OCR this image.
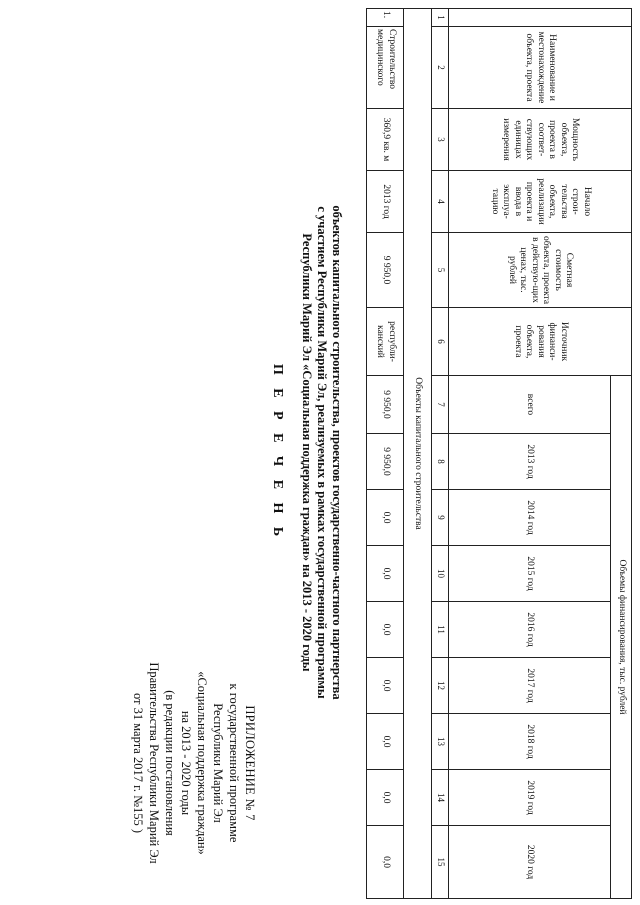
ПРИЛОЖЕНИЕ № 7
к государственной программе
Республики Марий Эл
«Социальная поддержка граждан»
на 2013 - 2020 годы
(в редакции постановления
Правительства Республики Марий Эл
от 31 марта 2017 г. №155 )
П Е Р Е Ч Е Н Ь	объектов капитального строительства, проектов государственно-частного партнерства
с участием Республики Марий Эл, реализуемых в рамках государственной программы
Республики Марий Эл «Социальная поддержка граждан» на 2013 - 2020 годы
	Наименование и местонахождение объекта, проекта	Мощность объекта, проекта в соответ-ствующих единицах измерения	Начало строи-тельства объекта, реализации проекта и ввода в эксплуа-тацию	Сметная стоимость объекта, проекта в действую-щих ценах, тыс. рублей	Источник финанси-рования объекта, проекта	Объемы финансирования, тыс. рублей								
						всего	2013 год	2014 год	2015 год	2016 год	2017 год	2018 год	2019 год	2020 год
1	2	3	4	5	6	7	8	9	10	11	12	13	14	15
Объекты капитального строительства														
1.	Строительство медицинского	360,9 кв. м	2013 год	9 950,0	республи-канский	9 950,0	9 950,0	0,0	0,0	0,0	0,0	0,0	0,0	0,0
